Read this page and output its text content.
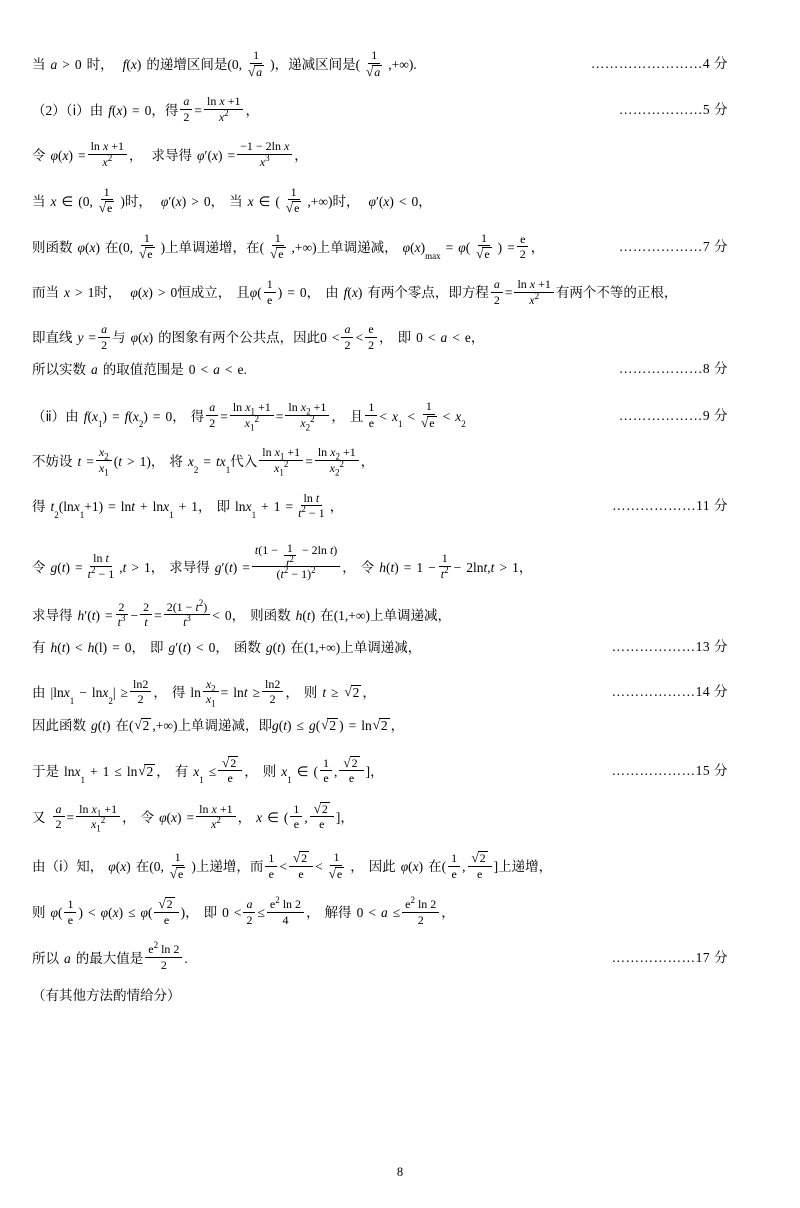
当 a > 0 时， f ( x ) 的递增区间是 (0, $\frac{1}{√ a}$ ) ，递减区间是 ( $\frac{1}{√ a}$ ,+∞).	……………………4 分
（2）（ⅰ）由 f ( x ) = 0 ，得 $\frac{a}{2} = \frac{\text{ln x +1}}{x^2}$ ，	………………5 分
令 φ ( x ) = $\frac{\text{ln x +1}}{x^2}$ ， 求导得 φ ′( x ) = $\frac{\text{−1 − 2ln x}}{x^3}$ ，
当 x ∈ (0, $\frac{1}{√ e}$ ) 时， φ ′( x ) > 0 ， 当 x ∈ ( $\frac{1}{√ e}$ ,+∞) 时， φ ′( x ) < 0 ，
则函数 φ ( x ) 在 (0, $\frac{1}{√ e}$ ) 上单调递增，在 ( $\frac{1}{√ e}$ ,+∞) 上单调递减， φ ( x )
max
= φ ( $\frac{1}{√ e}$ ) = $\frac{e}{2}$ ，	………………7 分
而当 x > 1 时， φ ( x ) > 0 恒成立， 且 φ ( $\frac{1}{e}$ ) = 0 ， 由 f ( x ) 有两个零点，即方程 $\frac{a}{2} = \frac{\text{ln x +1}}{x^2}$ 有两个不等的正根，
即直线 $y = \frac{a}{2}$ 与 φ ( x ) 的图象有两个公共点，因此 $0 < \frac{a}{2} < \frac{e}{2}$ ， 即 0 < a < e ，
所以实数 a 的取值范围是 0 < a < e.	………………8 分
（ⅱ）由 f ( x
1
) = f ( x
2
) = 0 ， 得 $\frac{a}{2} = \frac{\ln x_1 +1}{x_1^2} = \frac{\ln x_2 +1}{x_2^2}$ ， 且 $\frac{1}{e} < x$
1
< $\frac{1}{√ e} < x$
2
………………9 分
不妨设 $t = \frac{x_2}{x_1}$ ( t > 1) ， 将 x
2
= tx
1
代入 $\frac{\ln x_1 +1}{x_1^2} = \frac{\ln x_2 +1}{x_2^2}$ ，
得 t
2
(ln x
1
+1) = ln t + ln x
1
+ 1 ， 即 ln x
1
+ $1 = \frac{\text{ln t}}{t^2 - 1}$ ，	………………11 分
令 g ( t ) = $\frac{\text{ln t}}{t^2 - 1}$ , t > 1 ， 求导得 g ′( t ) = $\frac{t(1 - \frac{1}{t^2} - 2\ln t)}{(t^2 - 1)^2}$ ， 令 h ( t ) = $1 - \frac{1}{t^2} - 2\ln$ t , t > 1 ，
求导得 h ′( t ) = $\frac{2}{t^3} - \frac{2}{t} = \frac{2(1 - t^2)}{t^3} < 0$ ， 则函数 h ( t ) 在 (1,+∞) 上单调递减，
有 h ( t ) < h (l) = 0 ， 即 g ′( t ) < 0 ， 函数 g ( t ) 在 (1,+∞) 上单调递减，	………………13 分
由 |ln x
1
− ln x
2
| ≥ $\frac{\ln 2}{2}$ ， 得 $\ln \frac{x_2}{x_1} = \ln t \ge \frac{\ln 2}{2}$ ， 则 t ≥ √ 2 ，	………………14 分
因此函数 g ( t ) 在 ( √ 2 ,+∞) 上单调递减，即 g ( t ) ≤ g ( √ 2 ) = ln √ 2 ，
于是 ln x
1
+ 1 ≤ ln √ 2 ， 有 x
1
≤ $\frac{√ 2}{e}$ ， 则 x
1
∈ ( $\frac{1}{e}$ , $\frac{√ 2}{e}$ ] ，	………………15 分
又 $\frac{a}{2} = \frac{\ln x_1 +1}{x_1^2}$ ， 令 φ ( x ) = $\frac{\text{ln x +1}}{x^2}$ ， x ∈ ( $\frac{1}{e}$ , $\frac{√ 2}{e}$ ] ，
由（ⅰ）知， φ ( x ) 在 (0, $\frac{1}{√ e}$ ) 上递增，而 $\frac{1}{e} < \frac{√ 2}{e} < \frac{1}{√ e}$ ， 因此 φ ( x ) 在 ( $\frac{1}{e}$ , $\frac{√ 2}{e}$ ] 上递增，
则 φ ( $\frac{1}{e}$ ) < φ ( x ) ≤ φ ( $\frac{√ 2}{e}$ ) ， 即 $0 < \frac{a}{2} \le \frac{e^2 \ln 2}{4}$ ， 解得 $0 < a \le \frac{e^2 \ln 2}{2}$ ，
所以 a 的最大值是 $\frac{e^2 \ln 2}{2}$ .	………………17 分
（有其他方法酌情给分）
8
